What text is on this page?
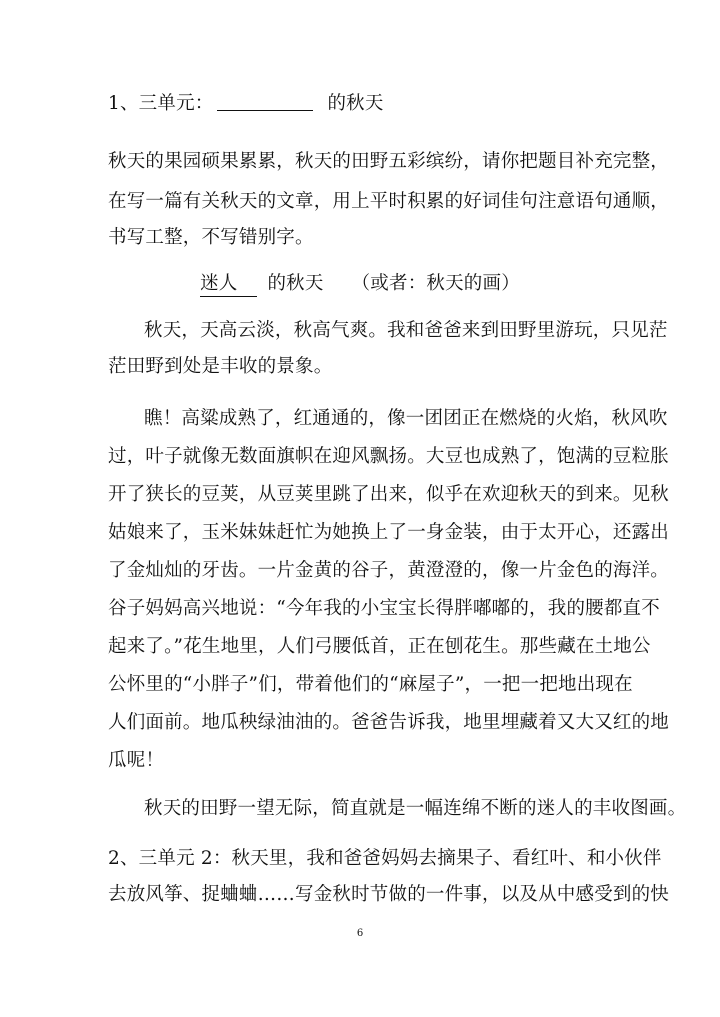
1、三单元：	的秋天
秋天的果园硕果累累，秋天的田野五彩缤纷，请你把题目补充完整，
在写一篇有关秋天的文章，用上平时积累的好词佳句注意语句通顺，
书写工整，不写错别字。
迷人 的秋天 （或者：秋天的画）
秋天，天高云淡，秋高气爽。我和爸爸来到田野里游玩，只见茫
茫田野到处是丰收的景象。
瞧！高粱成熟了，红通通的，像一团团正在燃烧的火焰，秋风吹
过，叶子就像无数面旗帜在迎风飘扬。大豆也成熟了，饱满的豆粒胀
开了狭长的豆荚，从豆荚里跳了出来，似乎在欢迎秋天的到来。见秋
姑娘来了，玉米妹妹赶忙为她换上了一身金装，由于太开心，还露出
了金灿灿的牙齿。一片金黄的谷子，黄澄澄的，像一片金色的海洋。
谷子妈妈高兴地说：“今年我的小宝宝长得胖嘟嘟的，我的腰都直不
起来了。”花生地里，人们弓腰低首，正在刨花生。那些藏在土地公
公怀里的“小胖子”们，带着他们的“麻屋子”，一把一把地出现在
人们面前。地瓜秧绿油油的。爸爸告诉我，地里埋藏着又大又红的地
瓜呢！
秋天的田野一望无际，简直就是一幅连绵不断的迷人的丰收图画。
2、三单元 2：秋天里，我和爸爸妈妈去摘果子、看红叶、和小伙伴
去放风筝、捉蛐蛐……写金秋时节做的一件事，以及从中感受到的快
6
